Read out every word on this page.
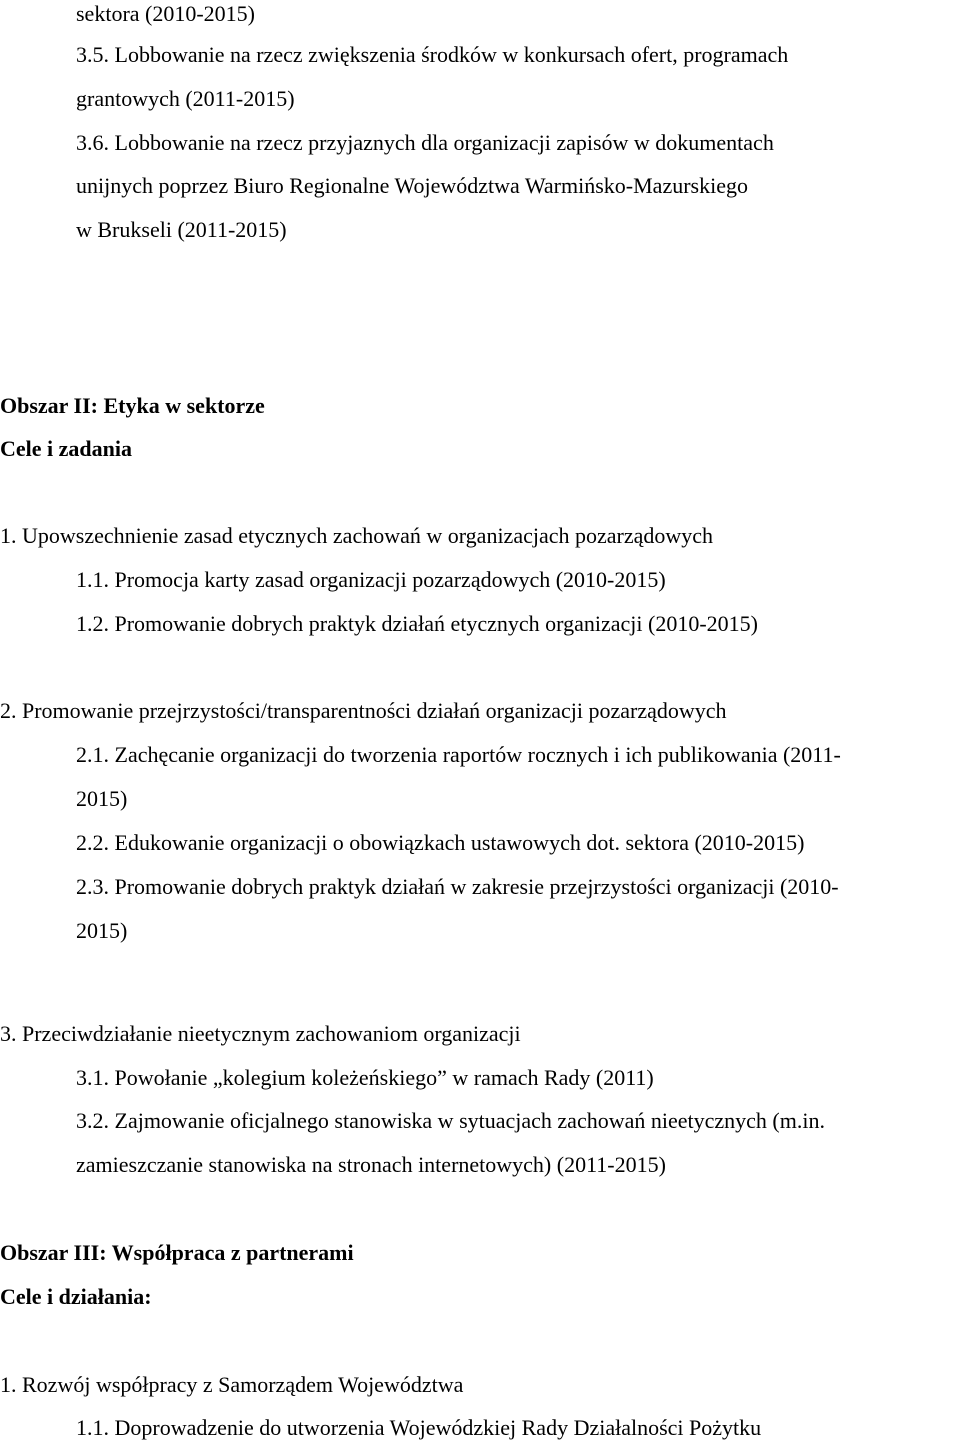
sektora (2010-2015)
3.5. Lobbowanie na rzecz zwiększenia środków w konkursach ofert, programach
grantowych (2011-2015)
3.6. Lobbowanie na rzecz przyjaznych dla organizacji zapisów w dokumentach
unijnych poprzez Biuro Regionalne Województwa Warmińsko-Mazurskiego
w Brukseli (2011-2015)
Obszar II: Etyka w sektorze
Cele i zadania
1. Upowszechnienie zasad etycznych zachowań w organizacjach pozarządowych
1.1. Promocja karty zasad organizacji pozarządowych (2010-2015)
1.2. Promowanie dobrych praktyk działań etycznych organizacji (2010-2015)
2. Promowanie przejrzystości/transparentności działań organizacji pozarządowych
2.1. Zachęcanie organizacji do tworzenia raportów rocznych i ich publikowania (2011-
2015)
2.2. Edukowanie organizacji o obowiązkach ustawowych dot. sektora (2010-2015)
2.3. Promowanie dobrych praktyk działań w zakresie przejrzystości organizacji (2010-
2015)
3. Przeciwdziałanie nieetycznym zachowaniom organizacji
3.1. Powołanie „kolegium koleżeńskiego” w ramach Rady (2011)
3.2. Zajmowanie oficjalnego stanowiska w sytuacjach zachowań nieetycznych (m.in.
zamieszczanie stanowiska na stronach internetowych) (2011-2015)
Obszar III: Współpraca z partnerami
Cele i działania:
1. Rozwój współpracy z Samorządem Województwa
1.1. Doprowadzenie do utworzenia Wojewódzkiej Rady Działalności Pożytku
